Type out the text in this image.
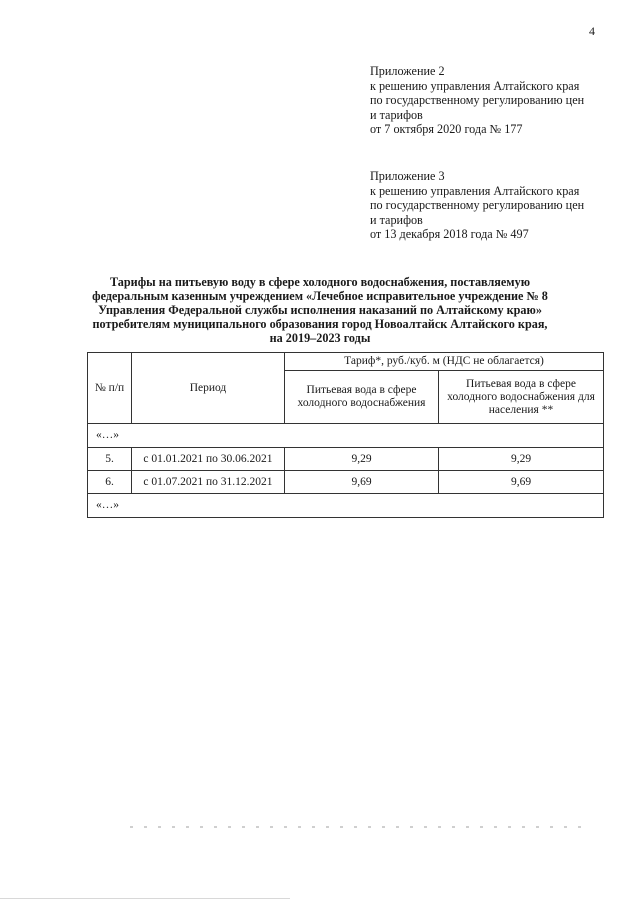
4
Приложение 2
к решению управления Алтайского края
по государственному регулированию цен
и тарифов
от 7 октября 2020 года № 177
Приложение 3
к решению управления Алтайского края
по государственному регулированию цен
и тарифов
от 13 декабря 2018 года № 497
Тарифы на питьевую воду в сфере холодного водоснабжения, поставляемую
федеральным казенным учреждением «Лечебное исправительное учреждение № 8
Управления Федеральной службы исполнения наказаний по Алтайскому краю»
потребителям муниципального образования город Новоалтайск Алтайского края,
на 2019–2023 годы
№ п/п	Период	Тариф*, руб./куб. м (НДС не облагается)	
		Питьевая вода в сфере холодного водоснабжения	Питьевая вода в сфере холодного водоснабжения для населения **
«…»			
5.	с 01.01.2021 по 30.06.2021	9,29	9,29
6.	с 01.07.2021 по 31.12.2021	9,69	9,69
«…»			
